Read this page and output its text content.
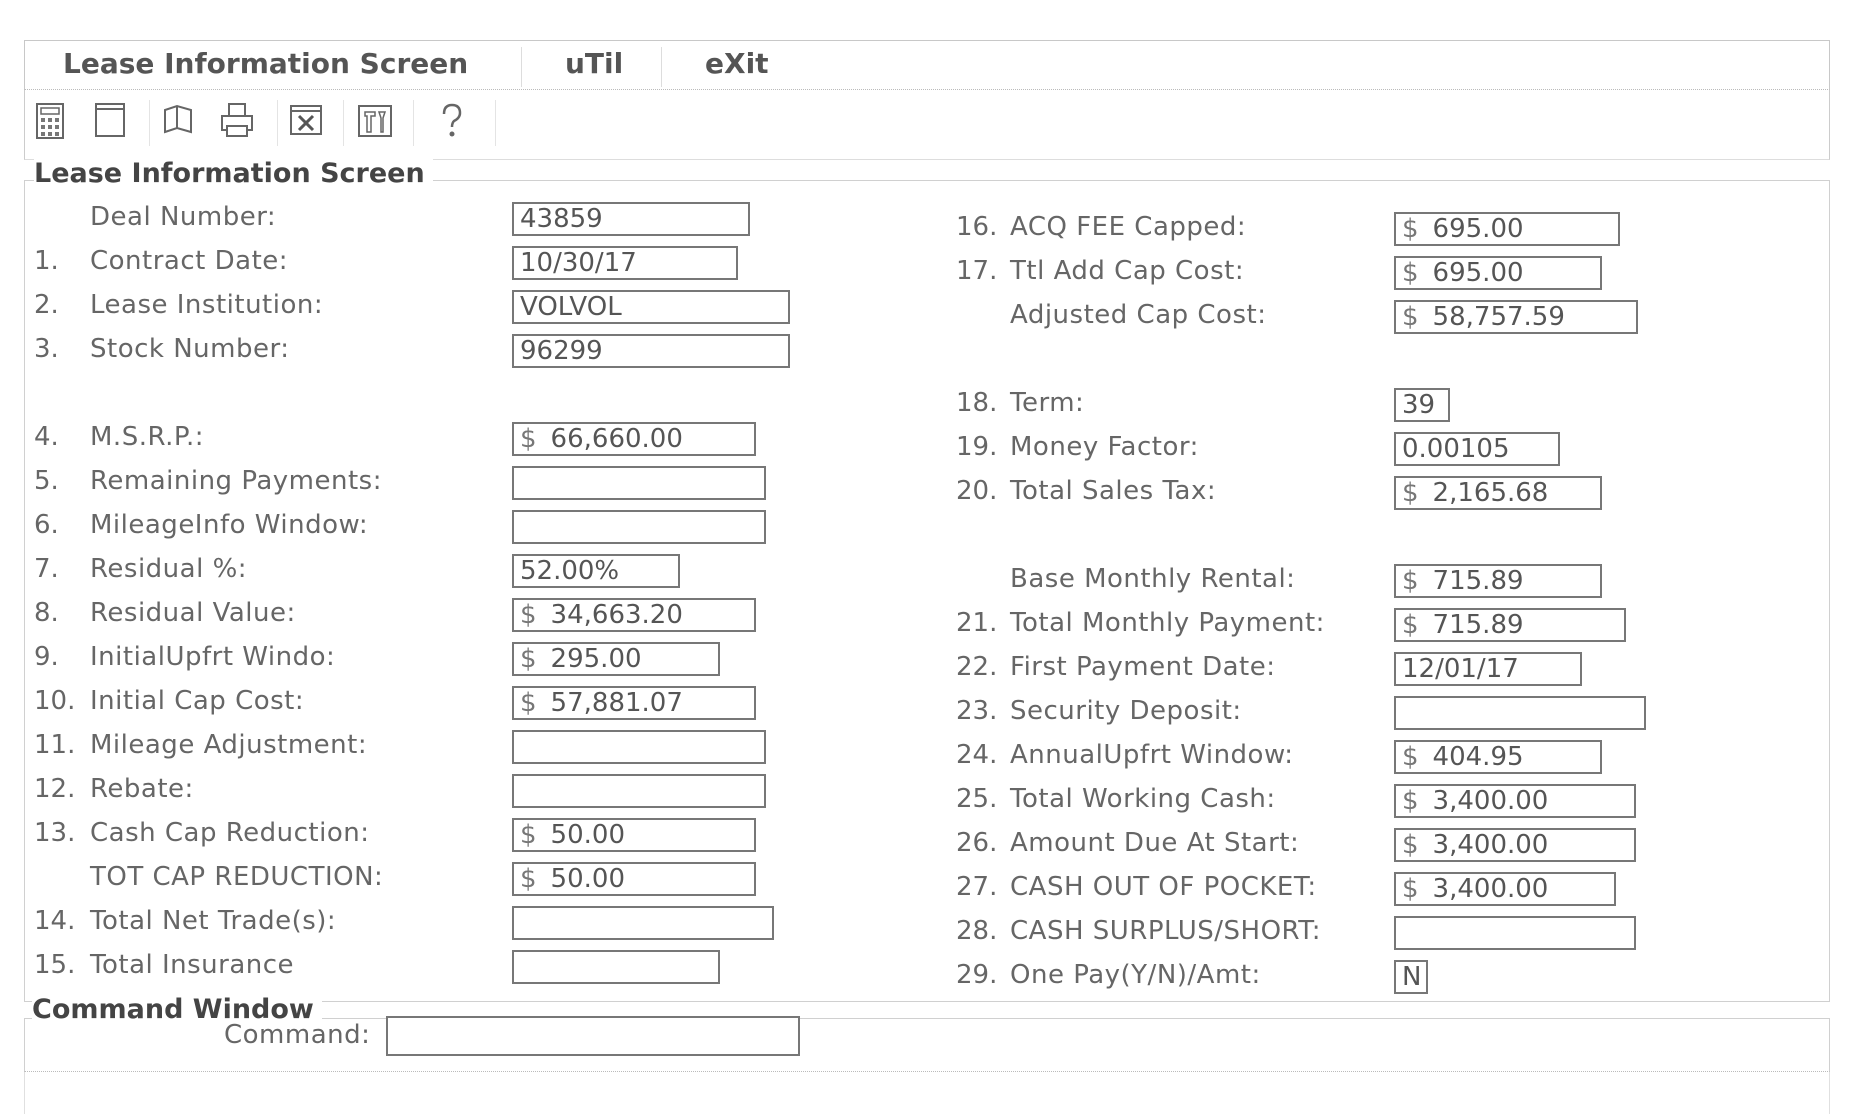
Lease Information Screen	uTil	eXit
Lease Information Screen
Deal Number:	43859
1. Contract Date:	10/30/17
2. Lease Institution:	VOLVOL
3. Stock Number:	96299
4. M.S.R.P.:	$ 66,660.00
5. Remaining Payments:
6. MileageInfo Window:
7. Residual %:	52.00%
8. Residual Value:	$ 34,663.20
9. InitialUpfrt Windo:	$ 295.00
10. Initial Cap Cost:	$ 57,881.07
11. Mileage Adjustment:
12. Rebate:
13. Cash Cap Reduction:	$ 50.00
TOT CAP REDUCTION:	$ 50.00
14. Total Net Trade(s):
15. Total Insurance
16. ACQ FEE Capped:	$ 695.00
17. Ttl Add Cap Cost:	$ 695.00
Adjusted Cap Cost:	$ 58,757.59
18. Term:	39
19. Money Factor:	0.00105
20. Total Sales Tax:	$ 2,165.68
Base Monthly Rental:	$ 715.89
21. Total Monthly Payment:	$ 715.89
22. First Payment Date:	12/01/17
23. Security Deposit:
24. AnnualUpfrt Window:	$ 404.95
25. Total Working Cash:	$ 3,400.00
26. Amount Due At Start:	$ 3,400.00
27. CASH OUT OF POCKET:	$ 3,400.00
28. CASH SURPLUS/SHORT:
29. One Pay(Y/N)/Amt:	N
Command Window
Command:
